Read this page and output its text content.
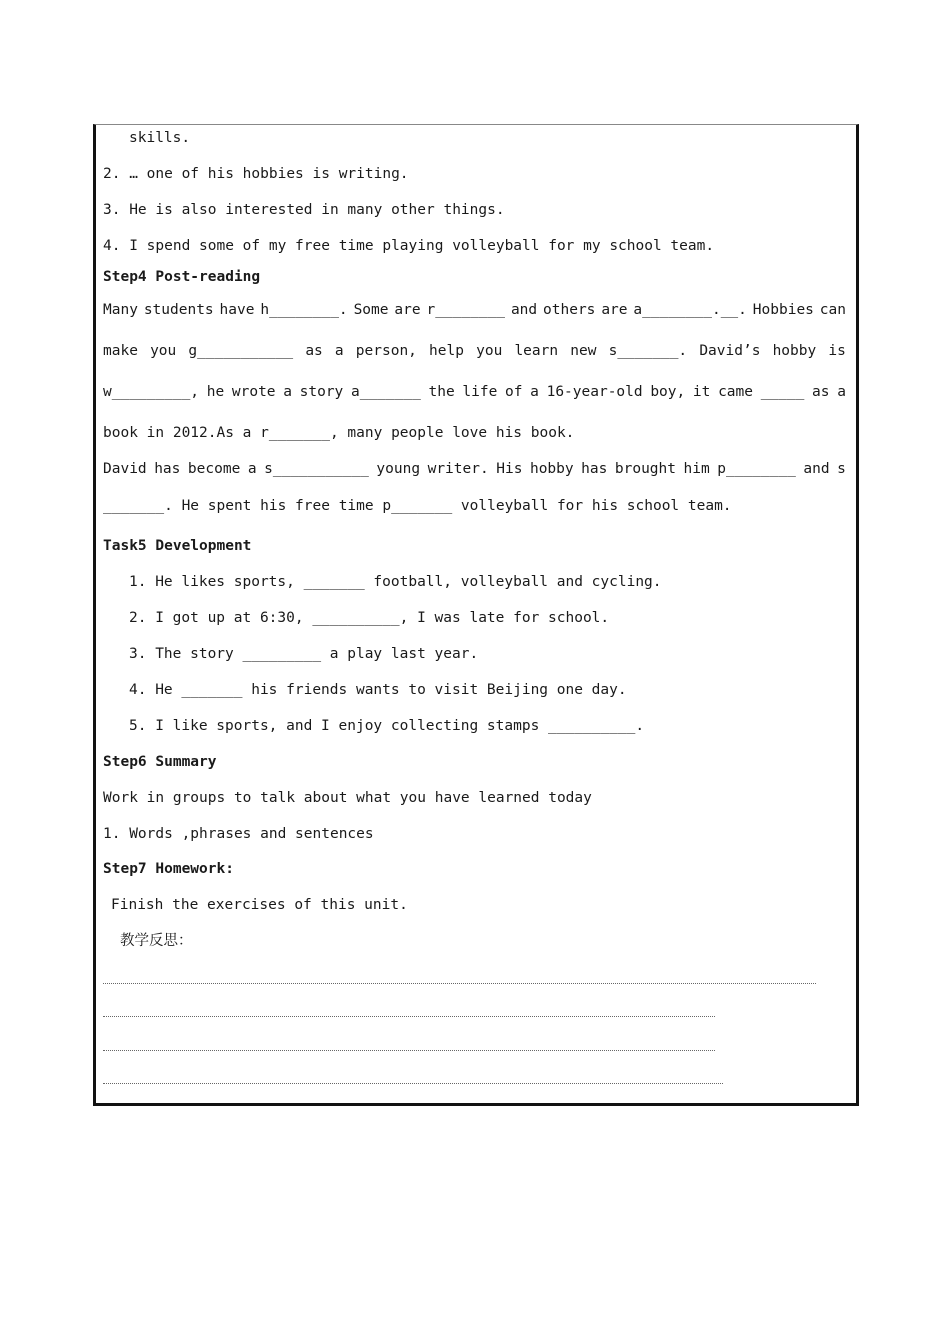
skills.
2. … one of his hobbies is writing.
3. He is also interested in many other things.
4. I spend some of my free time playing volleyball for my school team.
Step4 Post-reading
Many students have h________. Some are r________ and others are a________.__. Hobbies can
make you g___________ as a person, help you learn new s_______. David’s hobby is
w_________, he wrote a story a_______ the life of a 16-year-old boy, it came _____ as a
book in 2012.As a r_______, many people love his book.
David has become a s___________ young writer. His hobby has brought him p________ and s
_______. He spent his free time p_______ volleyball for his school team.
Task5 Development
1. He likes sports, _______ football, volleyball and cycling.
2. I got up at 6:30, __________, I was late for school.
3. The story _________ a play last year.
4. He _______ his friends wants to visit Beijing one day.
5. I like sports, and I enjoy collecting stamps __________.
Step6 Summary
Work in groups to talk about what you have learned today
1. Words ,phrases and sentences
Step7 Homework:
Finish the exercises of this unit.
教学反思：
